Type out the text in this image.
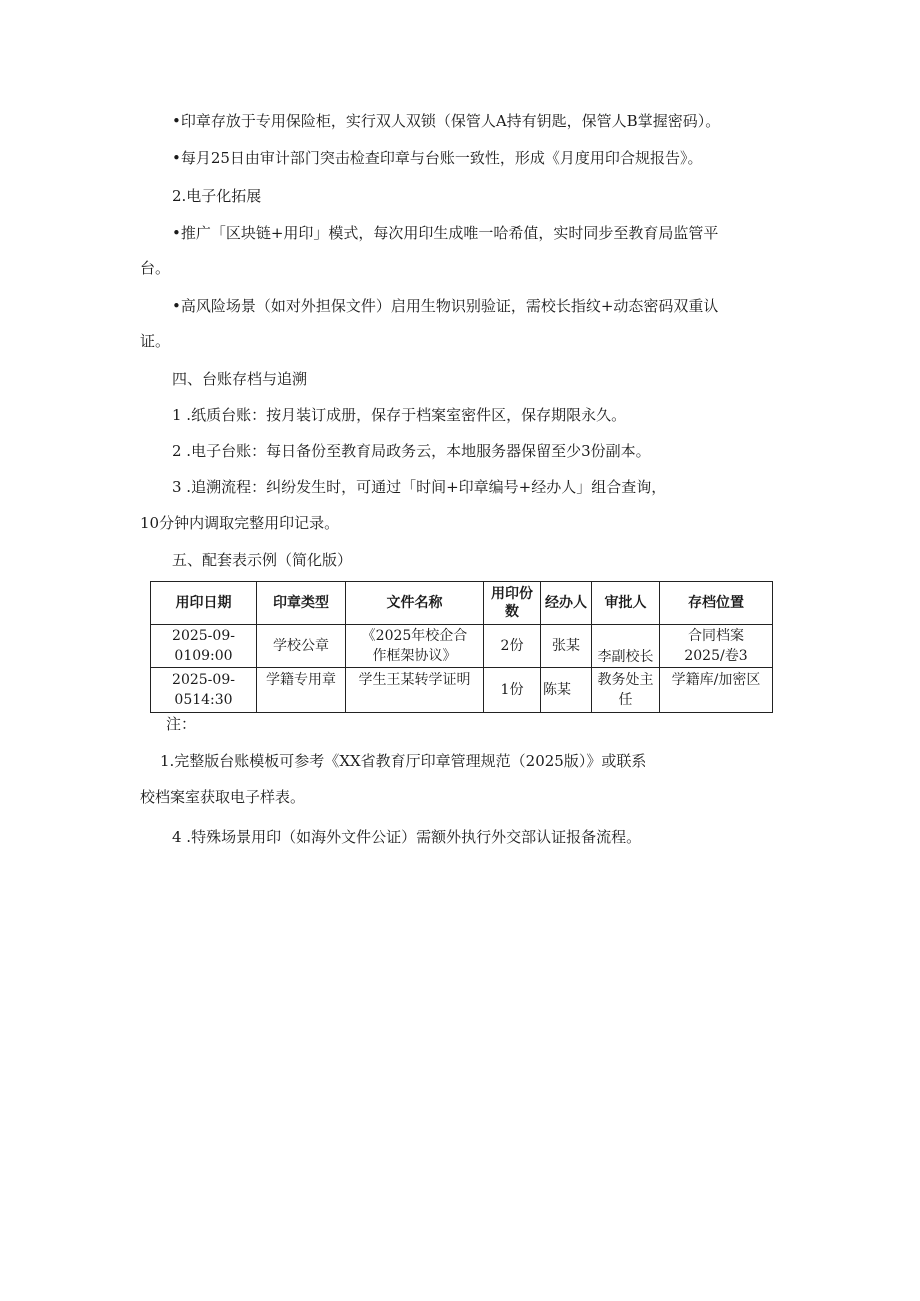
•印章存放于专用保险柜，实行双人双锁（保管人A持有钥匙，保管人B掌握密码）。
•每月25日由审计部门突击检查印章与台账一致性，形成《月度用印合规报告》。
2.电子化拓展
•推广「区块链+用印」模式，每次用印生成唯一哈希值，实时同步至教育局监管平
台。
•高风险场景（如对外担保文件）启用生物识别验证，需校长指纹+动态密码双重认
证。
四、台账存档与追溯
1 .纸质台账：按月装订成册，保存于档案室密件区，保存期限永久。
2 .电子台账：每日备份至教育局政务云，本地服务器保留至少3份副本。
3 .追溯流程：纠纷发生时，可通过「时间+印章编号+经办人」组合查询，
10分钟内调取完整用印记录。
五、配套表示例（简化版）
用印日期	印章类型	文件名称	用印份 数	经办人	审批人	存档位置

2025-09-
0109:00	学校公章	《2025年校企合
作框架协议》	2份	张某	李副校长	合同档案
2025/卷3

2025-09-
0514:30	学籍专用章	学生王某转学证明	1份	陈某	教务处主
任	学籍库/加密区
注：
1.完整版台账模板可参考《XX省教育厅印章管理规范（2025版）》或联系
校档案室获取电子样表。
4 .特殊场景用印（如海外文件公证）需额外执行外交部认证报备流程。
